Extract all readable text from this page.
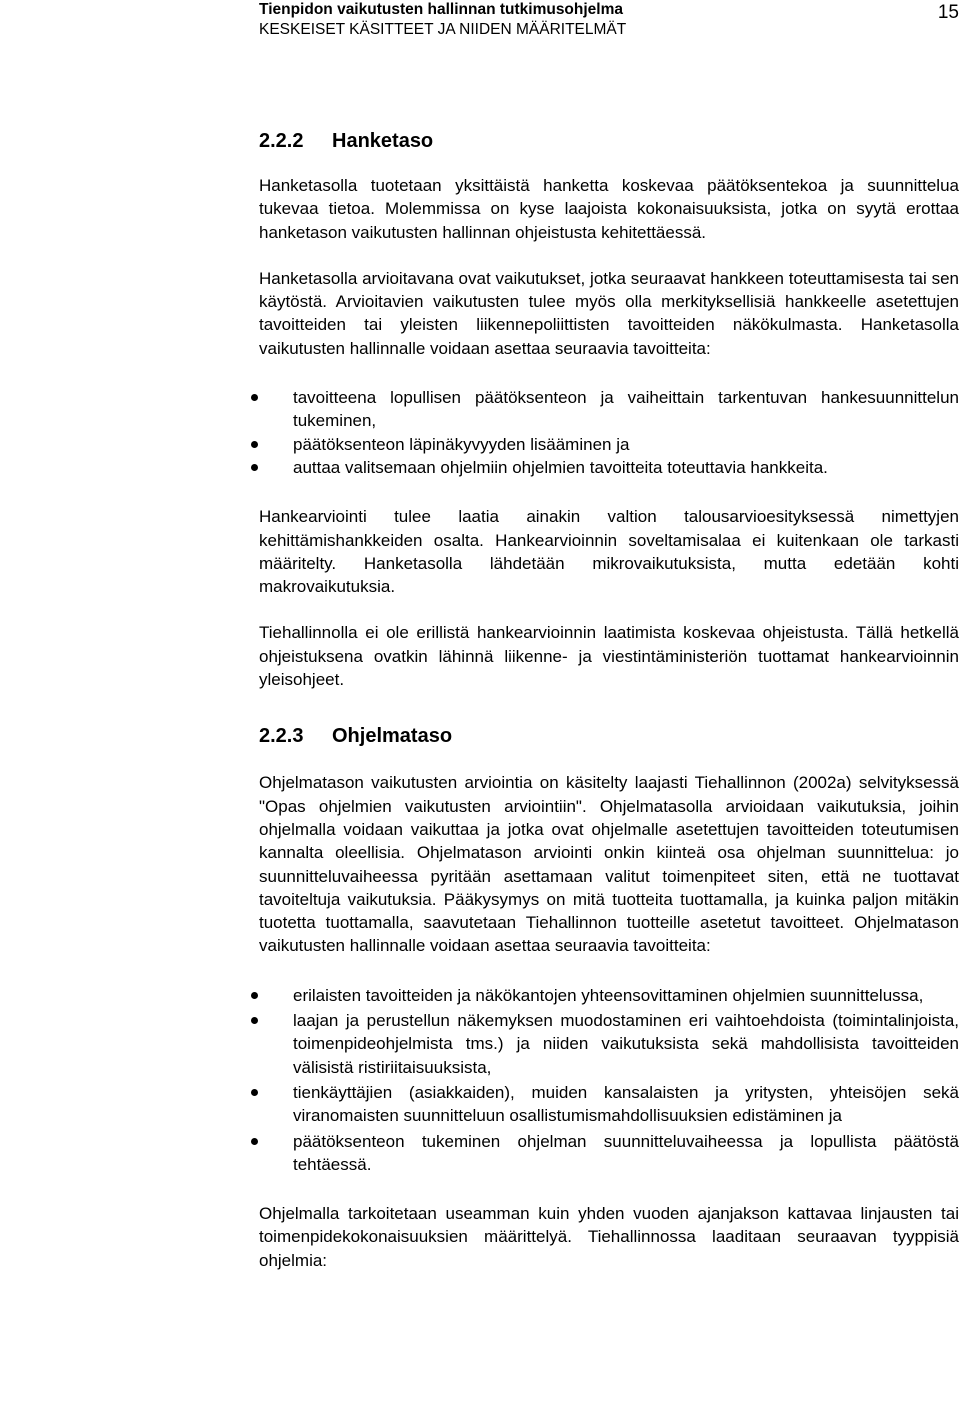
Tienpidon vaikutusten hallinnan tutkimusohjelma
KESKEISET KÄSITTEET JA NIIDEN MÄÄRITELMÄT
15
2.2.2	Hanketaso

Hanketasolla tuotetaan yksittäistä hanketta koskevaa päätöksentekoa ja suunnittelua tukevaa tietoa. Molemmissa on kyse laajoista kokonaisuuksista, jotka on syytä erottaa hanketason vaikutusten hallinnan ohjeistusta kehitettäessä.

Hanketasolla arvioitavana ovat vaikutukset, jotka seuraavat hankkeen toteuttamisesta tai sen käytöstä. Arvioitavien vaikutusten tulee myös olla merkityksellisiä hankkeelle asetettujen tavoitteiden tai yleisten liikennepoliittisten tavoitteiden näkökulmasta. Hanketasolla vaikutusten hallinnalle voidaan asettaa seuraavia tavoitteita:

tavoitteena lopullisen päätöksenteon ja vaiheittain tarkentuvan hankesuunnittelun tukeminen,
päätöksenteon läpinäkyvyyden lisääminen ja
auttaa valitsemaan ohjelmiin ohjelmien tavoitteita toteuttavia hankkeita.

Hankearviointi tulee laatia ainakin valtion talousarvioesityksessä nimettyjen kehittämishankkeiden osalta. Hankearvioinnin soveltamisalaa ei kuitenkaan ole tarkasti määritelty. Hanketasolla lähdetään mikrovaikutuksista, mutta edetään kohti makrovaikutuksia.

Tiehallinnolla ei ole erillistä hankearvioinnin laatimista koskevaa ohjeistusta. Tällä hetkellä ohjeistuksena ovatkin lähinnä liikenne- ja viestintäministeriön tuottamat hankearvioinnin yleisohjeet.

2.2.3	Ohjelmataso

Ohjelmatason vaikutusten arviointia on käsitelty laajasti Tiehallinnon (2002a) selvityksessä "Opas ohjelmien vaikutusten arviointiin". Ohjelmatasolla arvioidaan vaikutuksia, joihin ohjelmalla voidaan vaikuttaa ja jotka ovat ohjelmalle asetettujen tavoitteiden toteutumisen kannalta oleellisia. Ohjelmatason arviointi onkin kiinteä osa ohjelman suunnittelua: jo suunnitteluvaiheessa pyritään asettamaan valitut toimenpiteet siten, että ne tuottavat tavoiteltuja vaikutuksia. Pääkysymys on mitä tuotteita tuottamalla, ja kuinka paljon mitäkin tuotetta tuottamalla, saavutetaan Tiehallinnon tuotteille asetetut tavoitteet. Ohjelmatason vaikutusten hallinnalle voidaan asettaa seuraavia tavoitteita:

erilaisten tavoitteiden ja näkökantojen yhteensovittaminen ohjelmien suunnittelussa,
laajan ja perustellun näkemyksen muodostaminen eri vaihtoehdoista (toimintalinjoista, toimenpideohjelmista tms.) ja niiden vaikutuksista sekä mahdollisista tavoitteiden välisistä ristiriitaisuuksista,
tienkäyttäjien (asiakkaiden), muiden kansalaisten ja yritysten, yhteisöjen sekä viranomaisten suunnitteluun osallistumismahdollisuuksien edistäminen ja
päätöksenteon tukeminen ohjelman suunnitteluvaiheessa ja lopullista päätöstä tehtäessä.

Ohjelmalla tarkoitetaan useamman kuin yhden vuoden ajanjakson kattavaa linjausten tai toimenpidekokonaisuuksien määrittelyä. Tiehallinnossa laaditaan seuraavan tyyppisiä ohjelmia:
